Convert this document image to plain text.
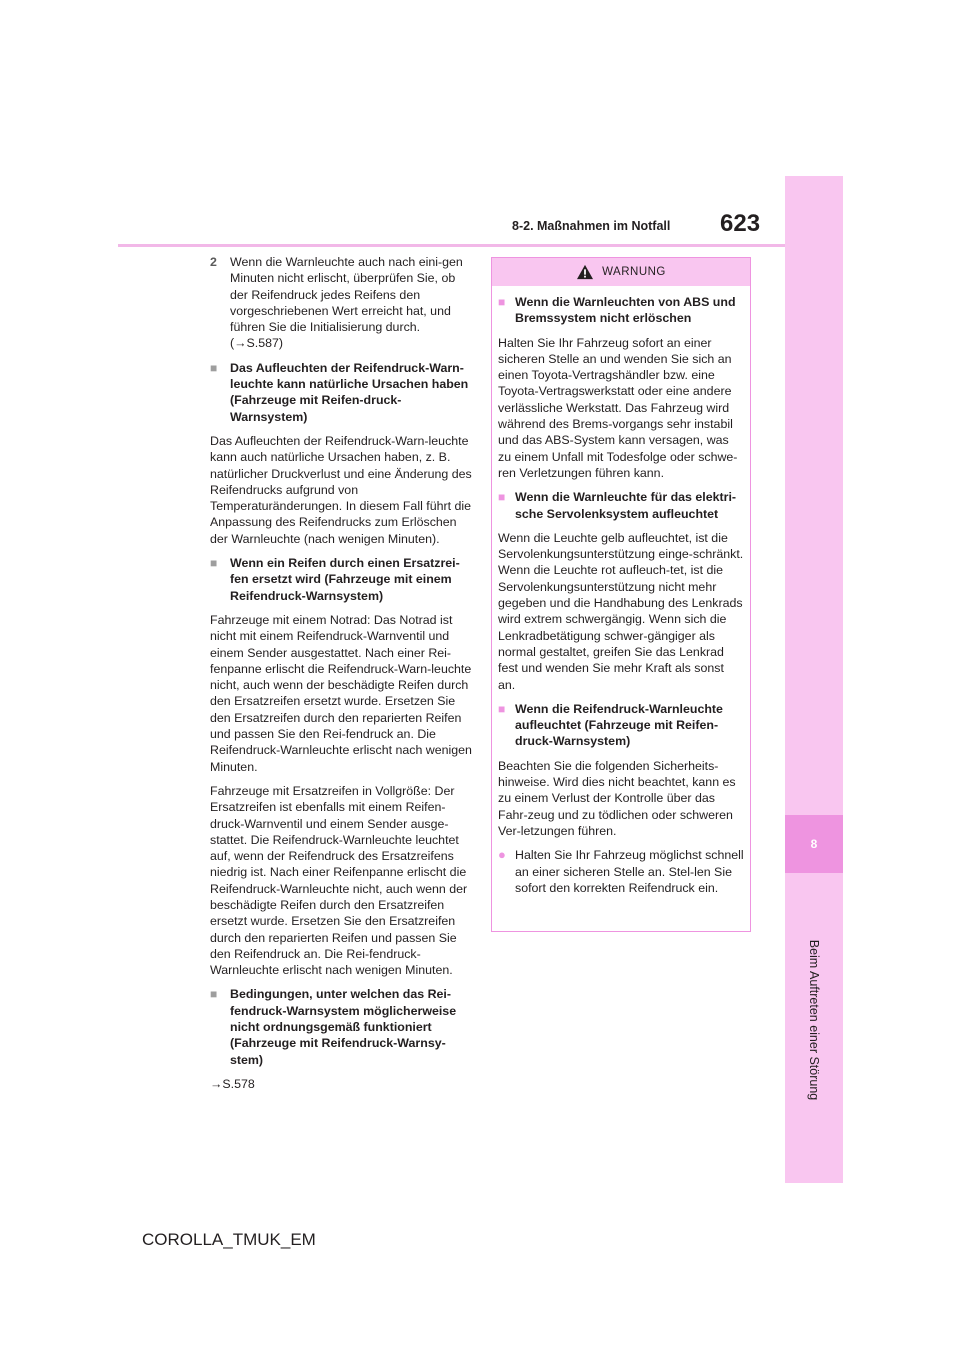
8
Beim Auftreten einer Störung
8-2. Maßnahmen im Notfall 623
2	Wenn die Warnleuchte auch nach eini-gen Minuten nicht erlischt, überprüfen Sie, ob der Reifendruck jedes Reifens den vorgeschriebenen Wert erreicht hat, und führen Sie die Initialisierung durch. (→S.587)
■	Das Aufleuchten der Reifendruck-Warn-leuchte kann natürliche Ursachen haben (Fahrzeuge mit Reifen-druck-Warnsystem)

Das Aufleuchten der Reifendruck-Warn-leuchte kann auch natürliche Ursachen haben, z. B. natürlicher Druckverlust und eine Änderung des Reifendrucks aufgrund von Temperaturänderungen. In diesem Fall führt die Anpassung des Reifendrucks zum Erlöschen der Warnleuchte (nach wenigen Minuten).

■	Wenn ein Reifen durch einen Ersatzrei-fen ersetzt wird (Fahrzeuge mit einem Reifendruck-Warnsystem)

Fahrzeuge mit einem Notrad: Das Notrad ist nicht mit einem Reifendruck-Warnventil und einem Sender ausgestattet. Nach einer Rei-fenpanne erlischt die Reifendruck-Warn-leuchte nicht, auch wenn der beschädigte Reifen durch den Ersatzreifen ersetzt wurde. Ersetzen Sie den Ersatzreifen durch den reparierten Reifen und passen Sie den Rei-fendruck an. Die Reifendruck-Warnleuchte erlischt nach wenigen Minuten.

Fahrzeuge mit Ersatzreifen in Vollgröße: Der Ersatzreifen ist ebenfalls mit einem Reifen-druck-Warnventil und einem Sender ausge-stattet. Die Reifendruck-Warnleuchte leuchtet auf, wenn der Reifendruck des Ersatzreifens niedrig ist. Nach einer Reifenpanne erlischt die Reifendruck-Warnleuchte nicht, auch wenn der beschädigte Reifen durch den Ersatzreifen ersetzt wurde. Ersetzen Sie den Ersatzreifen durch den reparierten Reifen und passen Sie den Reifendruck an. Die Rei-fendruck-Warnleuchte erlischt nach wenigen Minuten.

■	Bedingungen, unter welchen das Rei-fendruck-Warnsystem möglicherweise nicht ordnungsgemäß funktioniert (Fahrzeuge mit Reifendruck-Warnsy-stem)

→S.578

WARNUNG
■ Wenn die Warnleuchten von ABS und Bremssystem nicht erlöschen

Halten Sie Ihr Fahrzeug sofort an einer sicheren Stelle an und wenden Sie sich an einen Toyota-Vertragshändler bzw. eine Toyota-Vertragswerkstatt oder eine andere verlässliche Werkstatt. Das Fahrzeug wird während des Brems-vorgangs sehr instabil und das ABS-System kann versagen, was zu einem Unfall mit Todesfolge oder schwe-ren Verletzungen führen kann.

■ Wenn die Warnleuchte für das elektri-sche Servolenksystem aufleuchtet

Wenn die Leuchte gelb aufleuchtet, ist die Servolenkungsunterstützung einge-schränkt. Wenn die Leuchte rot aufleuch-tet, ist die Servolenkungsunterstützung nicht mehr gegeben und die Handhabung des Lenkrads wird extrem schwergängig. Wenn sich die Lenkradbetätigung schwer-gängiger als normal gestaltet, greifen Sie das Lenkrad fest und wenden Sie mehr Kraft als sonst an.

■ Wenn die Reifendruck-Warnleuchte aufleuchtet (Fahrzeuge mit Reifen-druck-Warnsystem)

Beachten Sie die folgenden Sicherheits-hinweise. Wird dies nicht beachtet, kann es zu einem Verlust der Kontrolle über das Fahr-zeug und zu tödlichen oder schweren Ver-letzungen führen.

● Halten Sie Ihr Fahrzeug möglichst schnell an einer sicheren Stelle an. Stel-len Sie sofort den korrekten Reifendruck ein.
COROLLA_TMUK_EM
